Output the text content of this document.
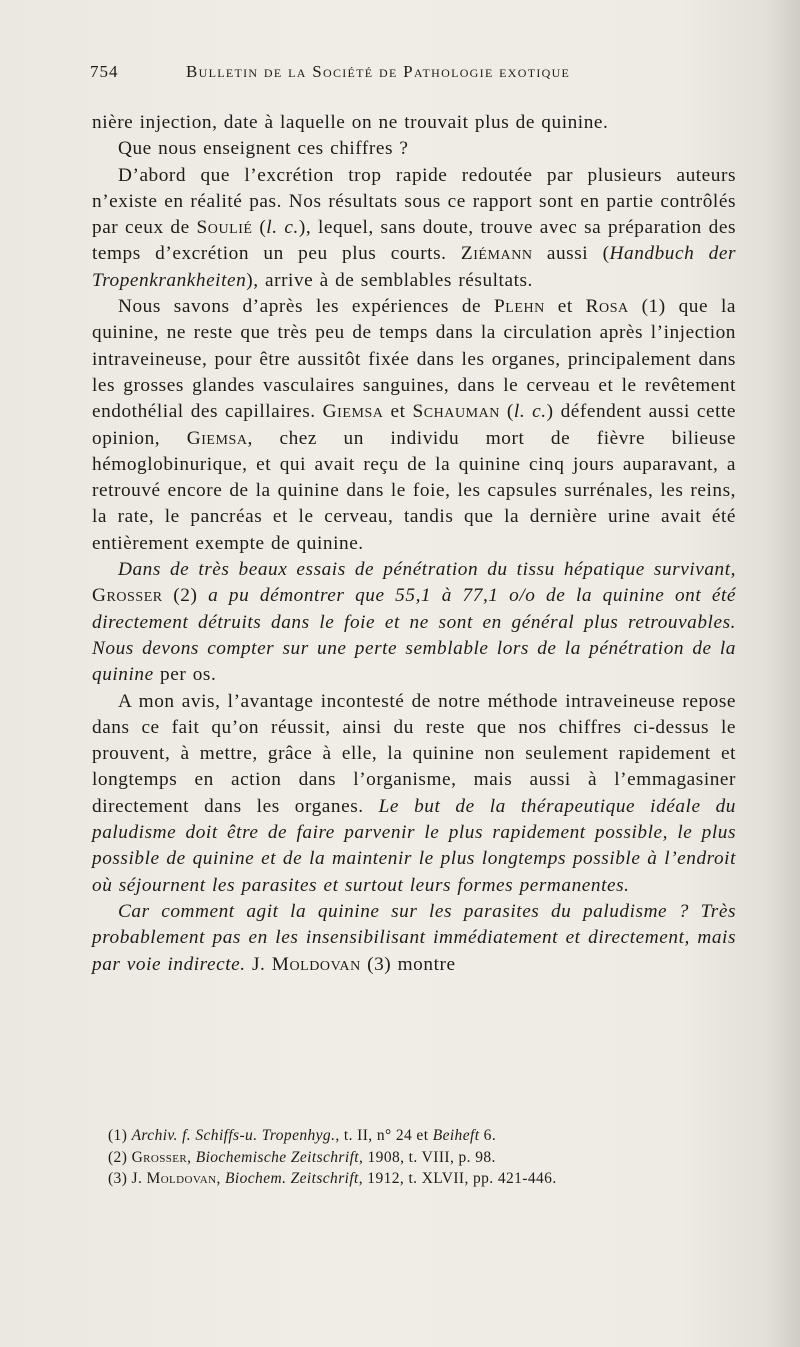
754	Bulletin de la Société de Pathologie exotique

nière injection, date à laquelle on ne trouvait plus de quinine.

Que nous enseignent ces chiffres ?

D’abord que l’excrétion trop rapide redoutée par plusieurs auteurs n’existe en réalité pas. Nos résultats sous ce rapport sont en partie contrôlés par ceux de Soulié (l. c.), lequel, sans doute, trouve avec sa préparation des temps d’excrétion un peu plus courts. Ziémann aussi (Handbuch der Tropenkrankheiten), arrive à de semblables résultats.

Nous savons d’après les expériences de Plehn et Rosa (1) que la quinine, ne reste que très peu de temps dans la circulation après l’injection intraveineuse, pour être aussitôt fixée dans les organes, principalement dans les grosses glandes vasculaires sanguines, dans le cerveau et le revêtement endothélial des capillaires. Giemsa et Schauman (l. c.) défendent aussi cette opinion, Giemsa, chez un individu mort de fièvre bilieuse hémoglobinurique, et qui avait reçu de la quinine cinq jours auparavant, a retrouvé encore de la quinine dans le foie, les capsules surrénales, les reins, la rate, le pancréas et le cerveau, tandis que la dernière urine avait été entièrement exempte de quinine.

Dans de très beaux essais de pénétration du tissu hépatique survivant, Grosser (2) a pu démontrer que 55,1 à 77,1 o/o de la quinine ont été directement détruits dans le foie et ne sont en général plus retrouvables. Nous devons compter sur une perte semblable lors de la pénétration de la quinine per os.

A mon avis, l’avantage incontesté de notre méthode intraveineuse repose dans ce fait qu’on réussit, ainsi du reste que nos chiffres ci-dessus le prouvent, à mettre, grâce à elle, la quinine non seulement rapidement et longtemps en action dans l’organisme, mais aussi à l’emmagasiner directement dans les organes. Le but de la thérapeutique idéale du paludisme doit être de faire parvenir le plus rapidement possible, le plus possible de quinine et de la maintenir le plus longtemps possible à l’endroit où séjournent les parasites et surtout leurs formes permanentes.

Car comment agit la quinine sur les parasites du paludisme ? Très probablement pas en les insensibilisant immédiatement et directement, mais par voie indirecte. J. Moldovan (3) montre

(1) Archiv. f. Schiffs-u. Tropenhyg., t. II, n° 24 et Beiheft 6.
(2) Grosser, Biochemische Zeitschrift, 1908, t. VIII, p. 98.
(3) J. Moldovan, Biochem. Zeitschrift, 1912, t. XLVII, pp. 421-446.
